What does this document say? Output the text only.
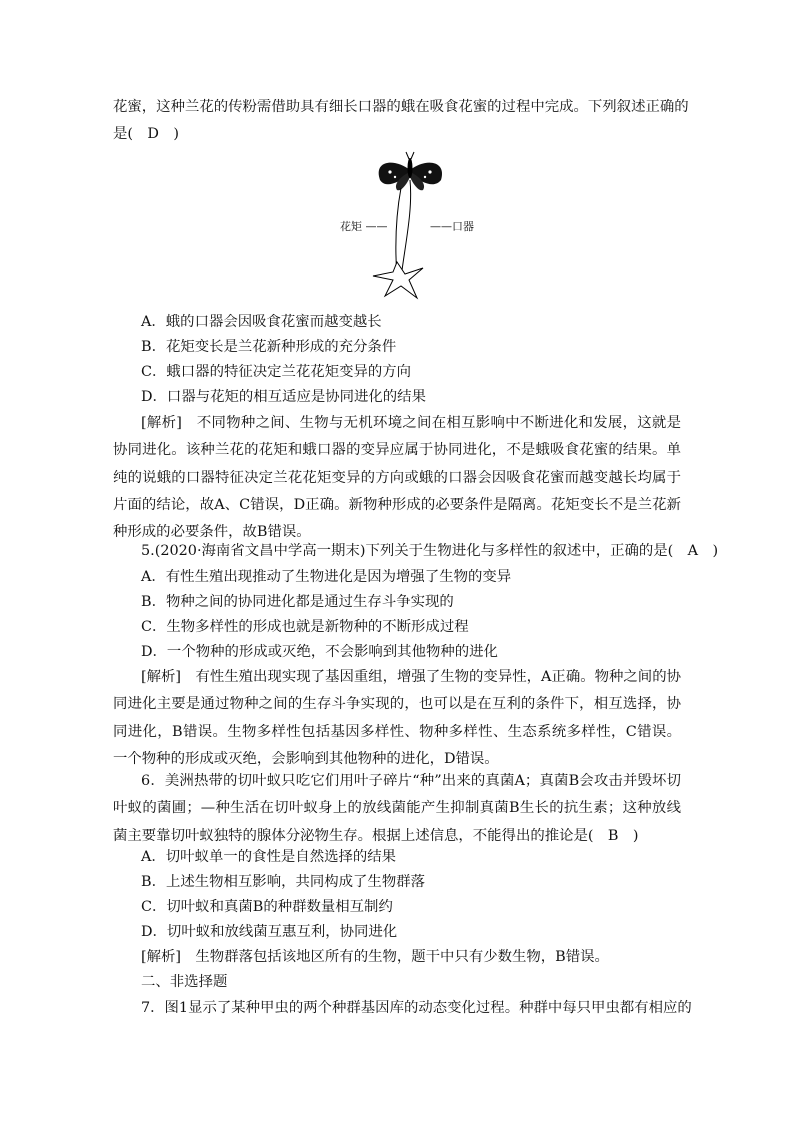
花蜜，这种兰花的传粉需借助具有细长口器的蛾在吸食花蜜的过程中完成。下列叙述正确的
是(　D　)
花矩 ——	——口器
A．蛾的口器会因吸食花蜜而越变越长
B．花矩变长是兰花新种形成的充分条件
C．蛾口器的特征决定兰花花矩变异的方向
D．口器与花矩的相互适应是协同进化的结果

[解析]　不同物种之间、生物与无机环境之间在相互影响中不断进化和发展，这就是协同进化。该种兰花的花矩和蛾口器的变异应属于协同进化，不是蛾吸食花蜜的结果。单纯的说蛾的口器特征决定兰花花矩变异的方向或蛾的口器会因吸食花蜜而越变越长均属于片面的结论，故A、C错误，D正确。新物种形成的必要条件是隔离。花矩变长不是兰花新种形成的必要条件，故B错误。

5.(2020·海南省文昌中学高一期末)下列关于生物进化与多样性的叙述中，正确的是(　A　)
A．有性生殖出现推动了生物进化是因为增强了生物的变异
B．物种之间的协同进化都是通过生存斗争实现的
C．生物多样性的形成也就是新物种的不断形成过程
D．一个物种的形成或灭绝，不会影响到其他物种的进化

[解析]　有性生殖出现实现了基因重组，增强了生物的变异性，A正确。物种之间的协同进化主要是通过物种之间的生存斗争实现的，也可以是在互利的条件下，相互选择，协同进化，B错误。生物多样性包括基因多样性、物种多样性、生态系统多样性，C错误。一个物种的形成或灭绝，会影响到其他物种的进化，D错误。

6．美洲热带的切叶蚁只吃它们用叶子碎片“种”出来的真菌A；真菌B会攻击并毁坏切叶蚁的菌圃；—种生活在切叶蚁身上的放线菌能产生抑制真菌B生长的抗生素；这种放线菌主要靠切叶蚁独特的腺体分泌物生存。根据上述信息，不能得出的推论是(　B　)

A．切叶蚁单一的食性是自然选择的结果
B．上述生物相互影响，共同构成了生物群落
C．切叶蚁和真菌B的种群数量相互制约
D．切叶蚁和放线菌互惠互利，协同进化
[解析]　生物群落包括该地区所有的生物，题干中只有少数生物，B错误。
二、非选择题
7．图1显示了某种甲虫的两个种群基因库的动态变化过程。种群中每只甲虫都有相应的
